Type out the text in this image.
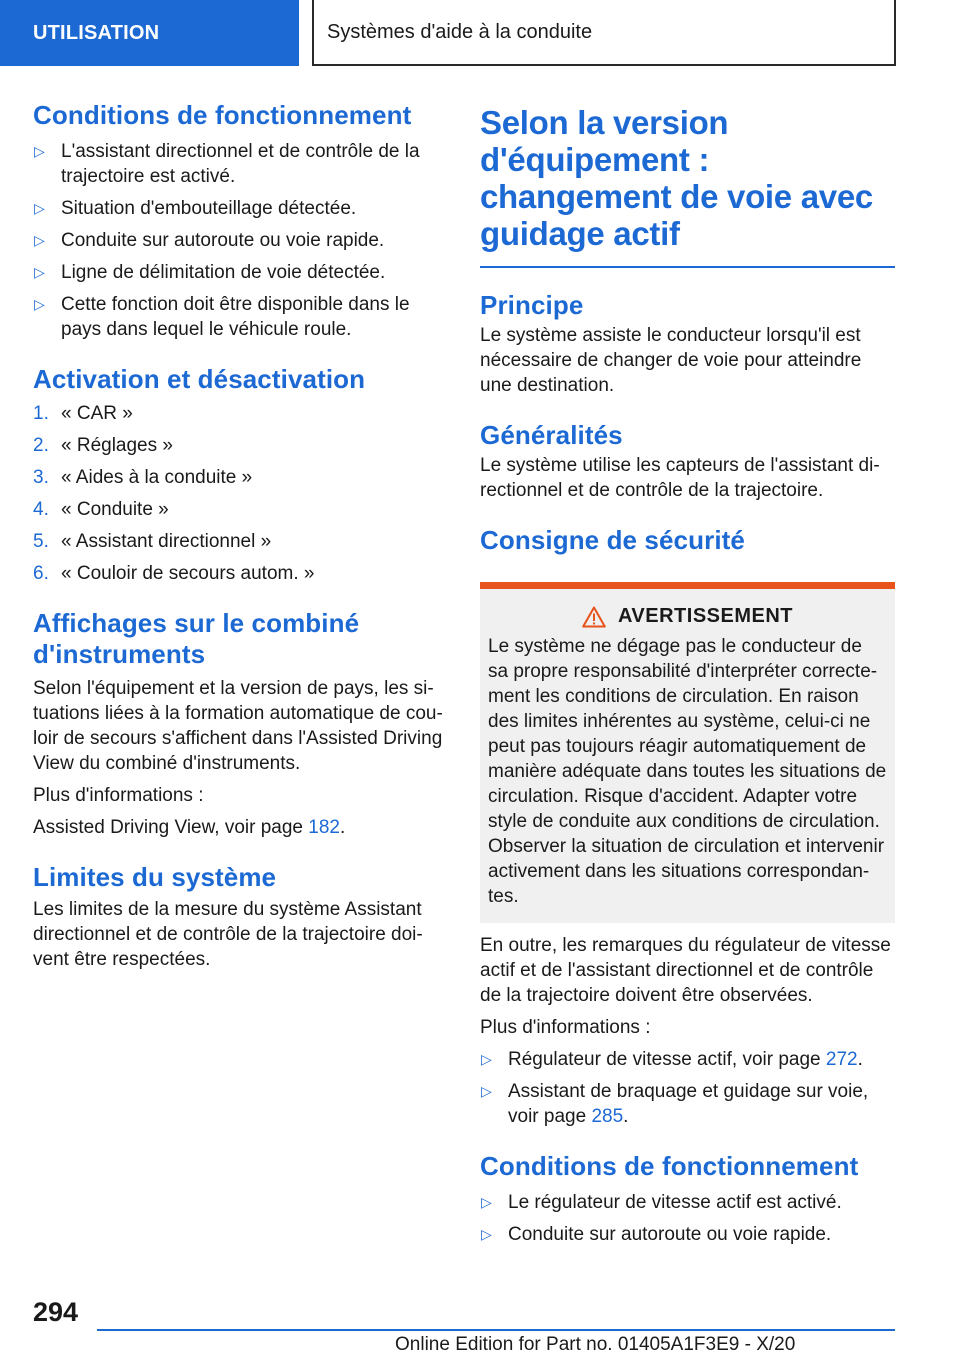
UTILISATION	Systèmes d'aide à la conduite
Conditions de fonctionnement
▷ L'assistant directionnel et de contrôle de la trajectoire est activé.
▷ Situation d'embouteillage détectée.
▷ Conduite sur autoroute ou voie rapide.
▷ Ligne de délimitation de voie détectée.
▷ Cette fonction doit être disponible dans le pays dans lequel le véhicule roule.
Activation et désactivation
1. « CAR »
2. « Réglages »
3. « Aides à la conduite »
4. « Conduite »
5. « Assistant directionnel »
6. « Couloir de secours autom. »
Affichages sur le combiné d'instruments

Selon l'équipement et la version de pays, les si- tuations liées à la formation automatique de cou- loir de secours s'affichent dans l'Assisted Driving View du combiné d'instruments.

Plus d'informations :

Assisted Driving View, voir page 182.

Limites du système

Les limites de la mesure du système Assistant directionnel et de contrôle de la trajectoire doi- vent être respectées.

Selon la version d'équipement : changement de voie avec guidage actif
Principe

Le système assiste le conducteur lorsqu'il est nécessaire de changer de voie pour atteindre une destination.

Généralités

Le système utilise les capteurs de l'assistant di- rectionnel et de contrôle de la trajectoire.

Consigne de sécurité
AVERTISSEMENT

Le système ne dégage pas le conducteur de sa propre responsabilité d'interpréter correcte- ment les conditions de circulation. En raison des limites inhérentes au système, celui-ci ne peut pas toujours réagir automatiquement de manière adéquate dans toutes les situations de circulation. Risque d'accident. Adapter votre style de conduite aux conditions de circulation. Observer la situation de circulation et intervenir activement dans les situations correspondan- tes.

En outre, les remarques du régulateur de vitesse actif et de l'assistant directionnel et de contrôle de la trajectoire doivent être observées.

Plus d'informations :

▷ Régulateur de vitesse actif, voir page 272.
▷ Assistant de braquage et guidage sur voie, voir page 285.
Conditions de fonctionnement
▷ Le régulateur de vitesse actif est activé.
▷ Conduite sur autoroute ou voie rapide.
294
Online Edition for Part no. 01405A1F3E9 - X/20
